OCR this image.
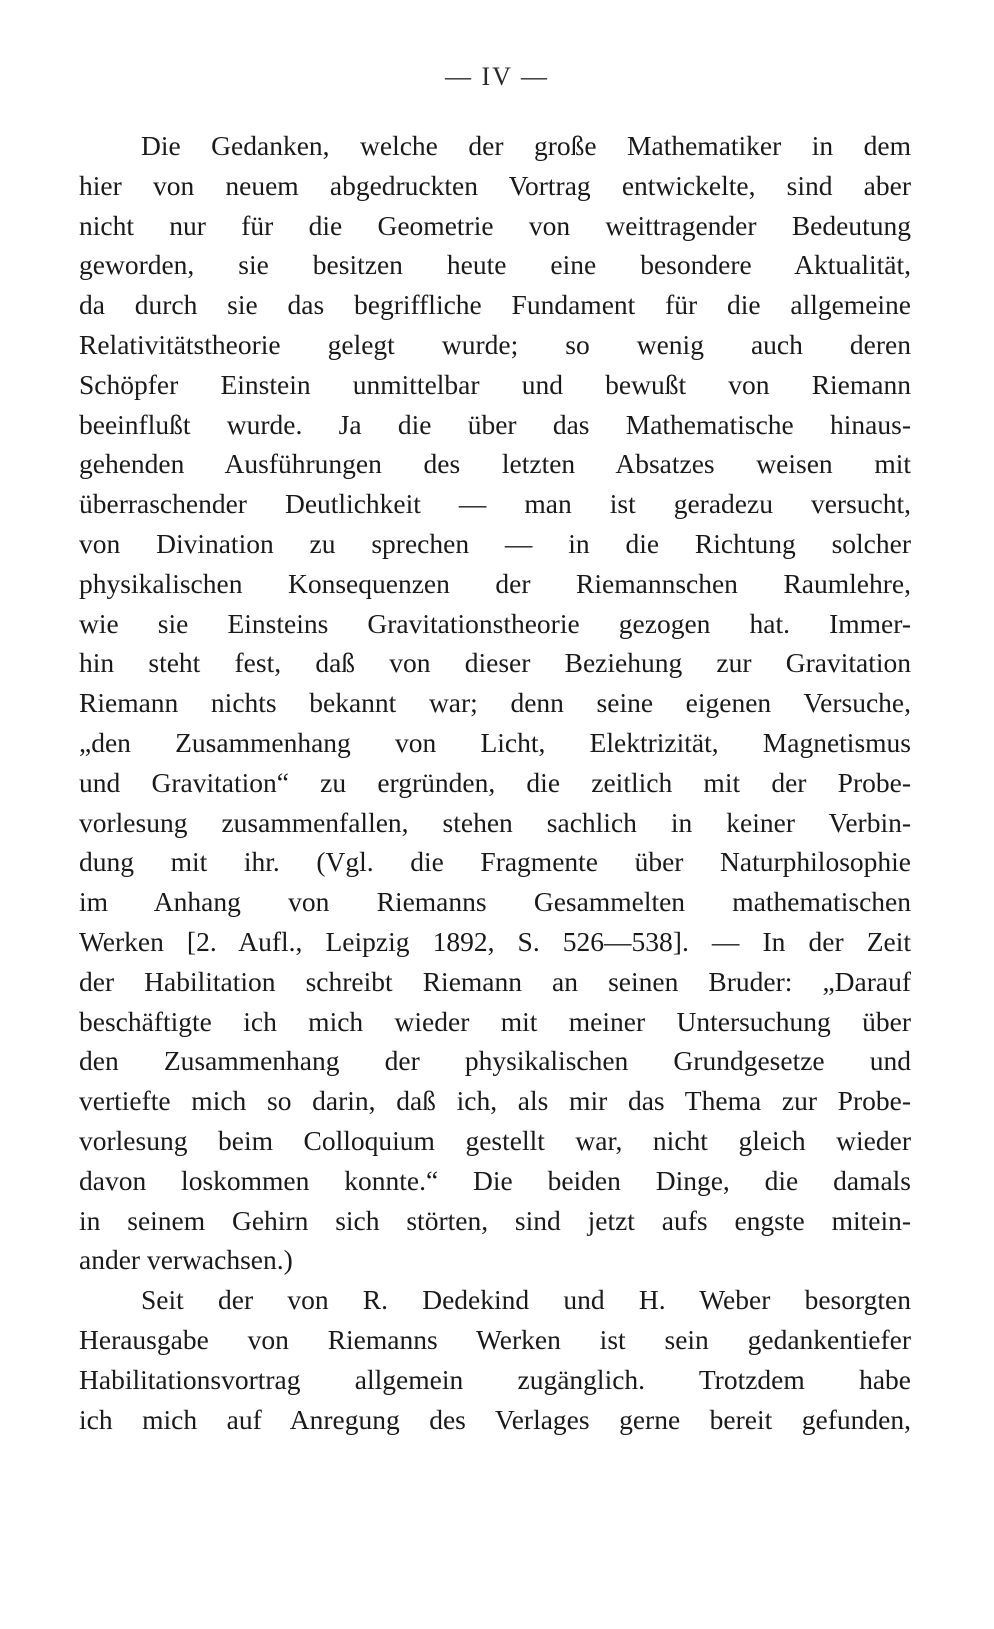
— IV —
Die Gedanken, welche der große Mathematiker in dem
hier von neuem abgedruckten Vortrag entwickelte, sind aber
nicht nur für die Geometrie von weittragender Bedeutung
geworden, sie besitzen heute eine besondere Aktualität,
da durch sie das begriffliche Fundament für die allgemeine
Relativitätstheorie gelegt wurde; so wenig auch deren
Schöpfer Einstein unmittelbar und bewußt von Riemann
beeinflußt wurde. Ja die über das Mathematische hinaus-
gehenden Ausführungen des letzten Absatzes weisen mit
überraschender Deutlichkeit — man ist geradezu versucht,
von Divination zu sprechen — in die Richtung solcher
physikalischen Konsequenzen der Riemannschen Raumlehre,
wie sie Einsteins Gravitationstheorie gezogen hat. Immer-
hin steht fest, daß von dieser Beziehung zur Gravitation
Riemann nichts bekannt war; denn seine eigenen Versuche,
„den Zusammenhang von Licht, Elektrizität, Magnetismus
und Gravitation“ zu ergründen, die zeitlich mit der Probe-
vorlesung zusammenfallen, stehen sachlich in keiner Verbin-
dung mit ihr. (Vgl. die Fragmente über Naturphilosophie
im Anhang von Riemanns Gesammelten mathematischen
Werken [2. Aufl., Leipzig 1892, S. 526—538]. — In der Zeit
der Habilitation schreibt Riemann an seinen Bruder: „Darauf
beschäftigte ich mich wieder mit meiner Untersuchung über
den Zusammenhang der physikalischen Grundgesetze und
vertiefte mich so darin, daß ich, als mir das Thema zur Probe-
vorlesung beim Colloquium gestellt war, nicht gleich wieder
davon loskommen konnte.“ Die beiden Dinge, die damals
in seinem Gehirn sich störten, sind jetzt aufs engste mitein-
ander verwachsen.)
Seit der von R. Dedekind und H. Weber besorgten
Herausgabe von Riemanns Werken ist sein gedankentiefer
Habilitationsvortrag allgemein zugänglich. Trotzdem habe
ich mich auf Anregung des Verlages gerne bereit gefunden,
